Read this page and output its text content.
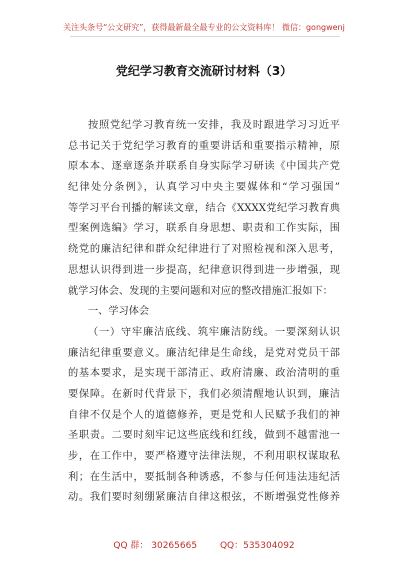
关注头条号“公文研究”，获得最新最全最专业的公文资料库！ 微信：gongwenj
党纪学习教育交流研讨材料（3）
按照党纪学习教育统一安排，我及时跟进学习习近平
总书记关于党纪学习教育的重要讲话和重要指示精神，原
原本本、逐章逐条并联系自身实际学习研读《中国共产党
纪律处分条例》，认真学习中央主要媒体和“学习强国”
等学习平台刊播的解读文章，结合《XXXX党纪学习教育典
型案例选编》学习，联系自身思想、职责和工作实际，围
绕党的廉洁纪律和群众纪律进行了对照检视和深入思考，
思想认识得到进一步提高，纪律意识得到进一步增强，现
就学习体会、发现的主要问题和对应的整改措施汇报如下：
一、学习体会
（一）守牢廉洁底线、筑牢廉洁防线。一要深刻认识
廉洁纪律重要意义。廉洁纪律是生命线，是党对党员干部
的基本要求，是实现干部清正、政府清廉、政治清明的重
要保障。在新时代背景下，我们必须清醒地认识到，廉洁
自律不仅是个人的道德修养，更是党和人民赋予我们的神
圣职责。二要时刻牢记这些底线和红线，做到不越雷池一
步，在工作中，要严格遵守法律法规，不利用职权谋取私
利；在生活中，要抵制各种诱惑，不参与任何违法违纪活
动。我们要时刻绷紧廉洁自律这根弦，不断增强党性修养
QQ 群： 30265665	QQ：535304092
